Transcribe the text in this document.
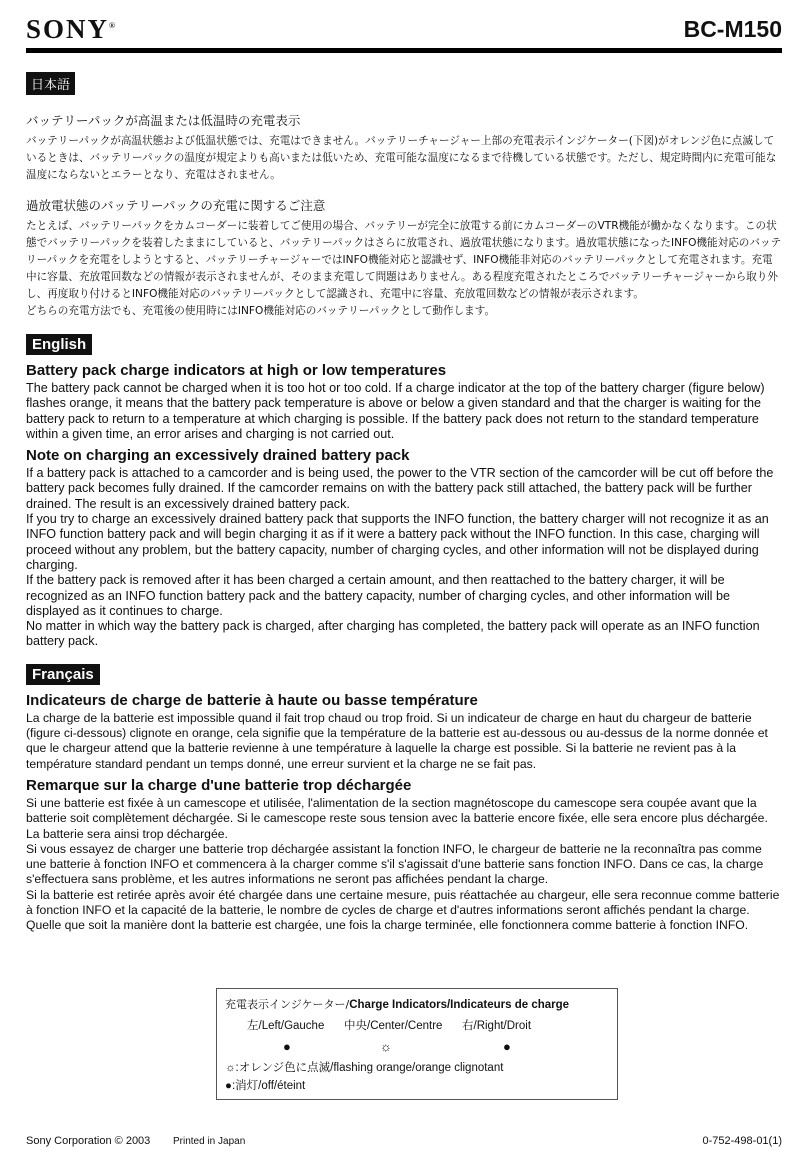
SONY®	BC-M150
日本語
バッテリーパックが高温または低温時の充電表示

バッテリーパックが高温状態および低温状態では、充電はできません。バッテリーチャージャー上部の充電表示インジケーター(下図)がオレンジ色に点滅しているときは、バッテリーパックの温度が規定よりも高いまたは低いため、充電可能な温度になるまで待機している状態です。ただし、規定時間内に充電可能な温度にならないとエラーとなり、充電はされません。

過放電状態のバッテリーパックの充電に関するご注意

たとえば、バッテリーパックをカムコーダーに装着してご使用の場合、バッテリーが完全に放電する前にカムコーダーのVTR機能が働かなくなります。この状態でバッテリーパックを装着したままにしていると、バッテリーパックはさらに放電され、過放電状態になります。過放電状態になったINFO機能対応のバッテリーパックを充電をしようとすると、バッテリーチャージャーではINFO機能対応と認識せず、INFO機能非対応のバッテリーパックとして充電されます。充電中に容量、充放電回数などの情報が表示されませんが、そのまま充電して問題はありません。ある程度充電されたところでバッテリーチャージャーから取り外し、再度取り付けるとINFO機能対応のバッテリーパックとして認識され、充電中に容量、充放電回数などの情報が表示されます。

どちらの充電方法でも、充電後の使用時にはINFO機能対応のバッテリーパックとして動作します。

English

Battery pack charge indicators at high or low temperatures

The battery pack cannot be charged when it is too hot or too cold. If a charge indicator at the top of the battery charger (figure below) flashes orange, it means that the battery pack temperature is above or below a given standard and that the charger is waiting for the battery pack to return to a temperature at which charging is possible. If the battery pack does not return to the standard temperature within a given time, an error arises and charging is not carried out.

Note on charging an excessively drained battery pack

If a battery pack is attached to a camcorder and is being used, the power to the VTR section of the camcorder will be cut off before the battery pack becomes fully drained. If the camcorder remains on with the battery pack still attached, the battery pack will be further drained. The result is an excessively drained battery pack.

If you try to charge an excessively drained battery pack that supports the INFO function, the battery charger will not recognize it as an INFO function battery pack and will begin charging it as if it were a battery pack without the INFO function. In this case, charging will proceed without any problem, but the battery capacity, number of charging cycles, and other information will not be displayed during charging.

If the battery pack is removed after it has been charged a certain amount, and then reattached to the battery charger, it will be recognized as an INFO function battery pack and the battery capacity, number of charging cycles, and other information will be displayed as it continues to charge.

No matter in which way the battery pack is charged, after charging has completed, the battery pack will operate as an INFO function battery pack.

Français

Indicateurs de charge de batterie à haute ou basse température

La charge de la batterie est impossible quand il fait trop chaud ou trop froid. Si un indicateur de charge en haut du chargeur de batterie (figure ci-dessous) clignote en orange, cela signifie que la température de la batterie est au-dessous ou au-dessus de la norme donnée et que le chargeur attend que la batterie revienne à une température à laquelle la charge est possible. Si la batterie ne revient pas à la température standard pendant un temps donné, une erreur survient et la charge ne se fait pas.

Remarque sur la charge d'une batterie trop déchargée

Si une batterie est fixée à un camescope et utilisée, l'alimentation de la section magnétoscope du camescope sera coupée avant que la batterie soit complètement déchargée. Si le camescope reste sous tension avec la batterie encore fixée, elle sera encore plus déchargée. La batterie sera ainsi trop déchargée.

Si vous essayez de charger une batterie trop déchargée assistant la fonction INFO, le chargeur de batterie ne la reconnaîtra pas comme une batterie à fonction INFO et commencera à la charger comme s'il s'agissait d'une batterie sans fonction INFO. Dans ce cas, la charge s'effectuera sans problème, et les autres informations ne seront pas affichées pendant la charge.

Si la batterie est retirée après avoir été chargée dans une certaine mesure, puis réattachée au chargeur, elle sera reconnue comme batterie à fonction INFO et la capacité de la batterie, le nombre de cycles de charge et d'autres informations seront affichés pendant la charge.

Quelle que soit la manière dont la batterie est chargée, une fois la charge terminée, elle fonctionnera comme batterie à fonction INFO.

充電表示インジケーター/Charge Indicators/Indicateurs de charge
左/Left/Gauche 中央/Center/Centre 右/Right/Droit
●	☼	●
☼:オレンジ色に点滅/flashing orange/orange clignotant
●:消灯/off/éteint
Sony Corporation © 2003 Printed in Japan	0-752-498-01(1)
